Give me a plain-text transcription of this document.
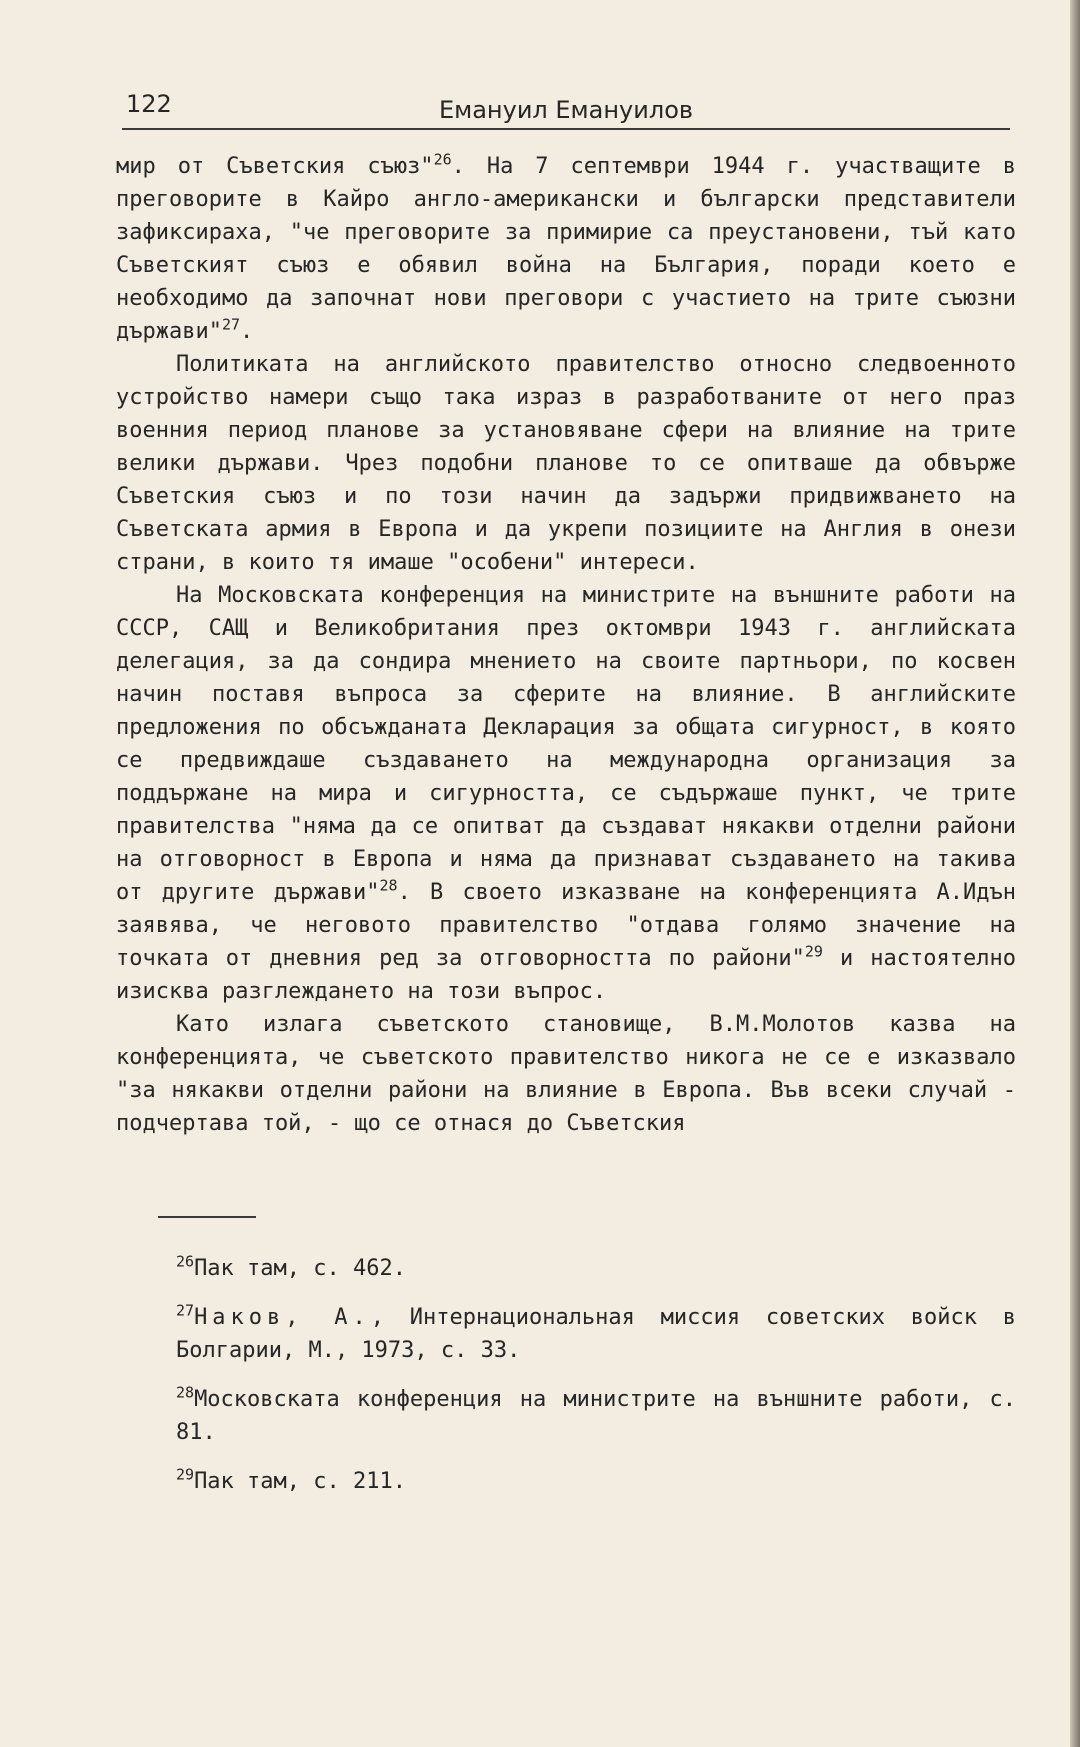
122	Емануил Емануилов

мир от Съветския съюз"$^{26}$. На 7 септември 1944 г. участващите в преговорите в Кайро англо-американски и български представители зафиксираха, "че преговорите за примирие са преустановени, тъй като Съветският съюз е обявил война на България, поради което е необходимо да започнат нови преговори с участието на трите съюзни държави"$^{27}$.

Политиката на английското правителство относно следвоенното устройство намери също така израз в разработваните от него праз военния период планове за установяване сфери на влияние на трите велики държави. Чрез подобни планове то се опитваше да обвърже Съветския съюз и по този начин да задържи придвижването на Съветската армия в Европа и да укрепи позициите на Англия в онези страни, в които тя имаше "особени" интереси.

На Московската конференция на министрите на външните работи на СССР, САЩ и Великобритания през октомври 1943 г. английската делегация, за да сондира мнението на своите партньори, по косвен начин поставя въпроса за сферите на влияние. В английските предложения по обсъжданата Декларация за общата сигурност, в която се предвиждаше създаването на международна организация за поддържане на мира и сигурността, се съдържаше пункт, че трите правителства "няма да се опитват да създават някакви отделни райони на отговорност в Европа и няма да признават създаването на такива от другите държави"$^{28}$. В своето изказване на конференцията А.Идън заявява, че неговото правителство "отдава голямо значение на точката от дневния ред за отговорността по райони"$^{29}$ и настоятелно изисква разглеждането на този въпрос.

Като излага съветското становище, В.М.Молотов казва на конференцията, че съветското правителство никога не се е изказвало "за някакви отделни райони на влияние в Европа. Във всеки случай - подчертава той, - що се отнася до Съветския

$^{26}$Пак там, с. 462.
$^{27}$Наков, А., Интернациональная миссия советских войск в Болгарии, М., 1973, с. 33.
$^{28}$Московската конференция на министрите на външните работи, с. 81.
$^{29}$Пак там, с. 211.
